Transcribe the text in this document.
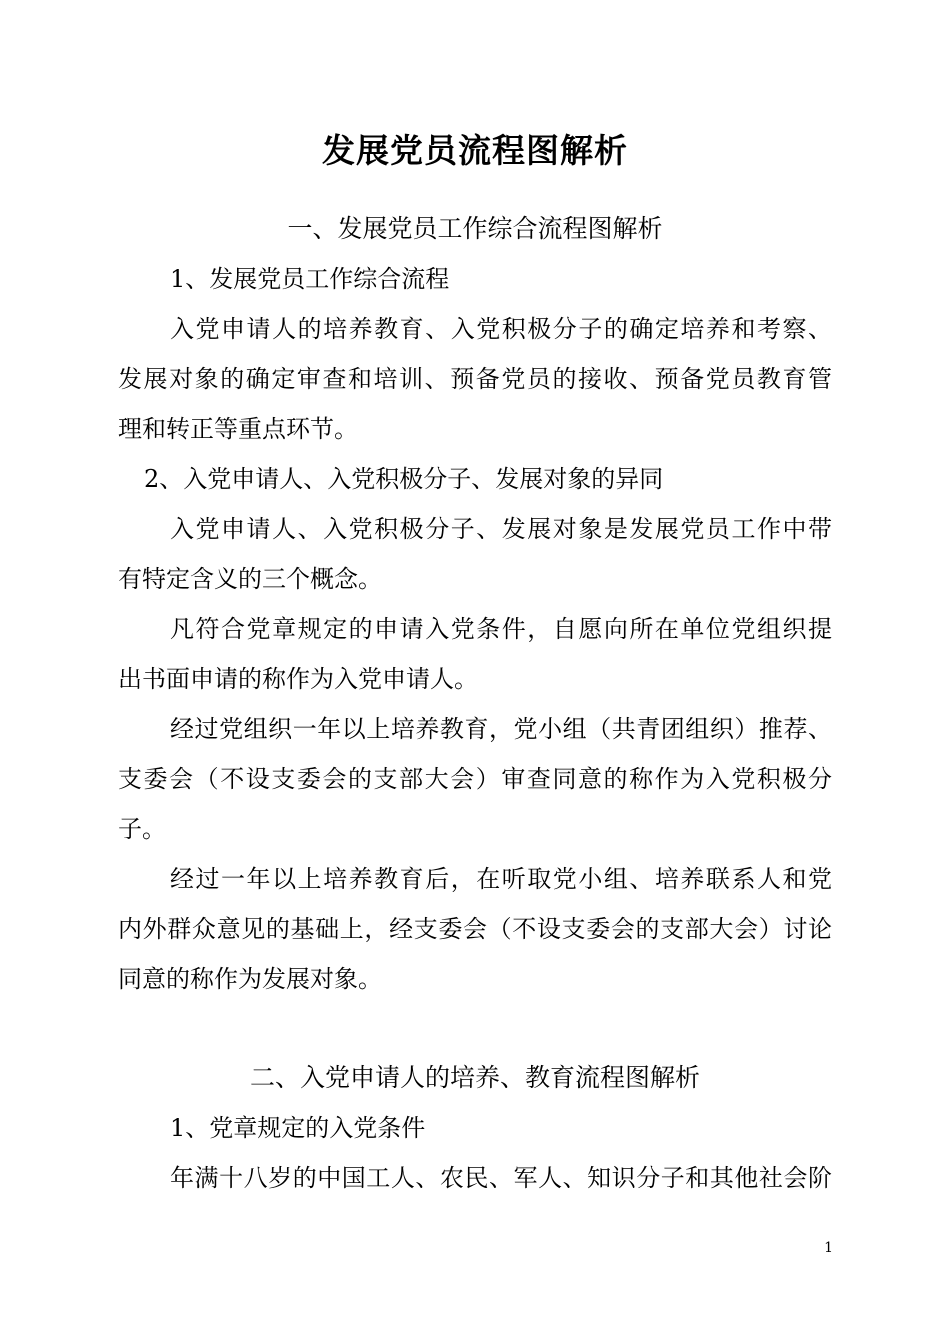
发展党员流程图解析
一、发展党员工作综合流程图解析
1、发展党员工作综合流程
入党申请人的培养教育、入党积极分子的确定培养和考察、
发展对象的确定审查和培训、预备党员的接收、预备党员教育管
理和转正等重点环节。
2、入党申请人、入党积极分子、发展对象的异同
入党申请人、入党积极分子、发展对象是发展党员工作中带
有特定含义的三个概念。
凡符合党章规定的申请入党条件，自愿向所在单位党组织提
出书面申请的称作为入党申请人。
经过党组织一年以上培养教育，党小组（共青团组织）推荐、
支委会（不设支委会的支部大会）审查同意的称作为入党积极分
子。
经过一年以上培养教育后，在听取党小组、培养联系人和党
内外群众意见的基础上，经支委会（不设支委会的支部大会）讨论
同意的称作为发展对象。
二、入党申请人的培养、教育流程图解析
1、党章规定的入党条件
年满十八岁的中国工人、农民、军人、知识分子和其他社会阶
1
